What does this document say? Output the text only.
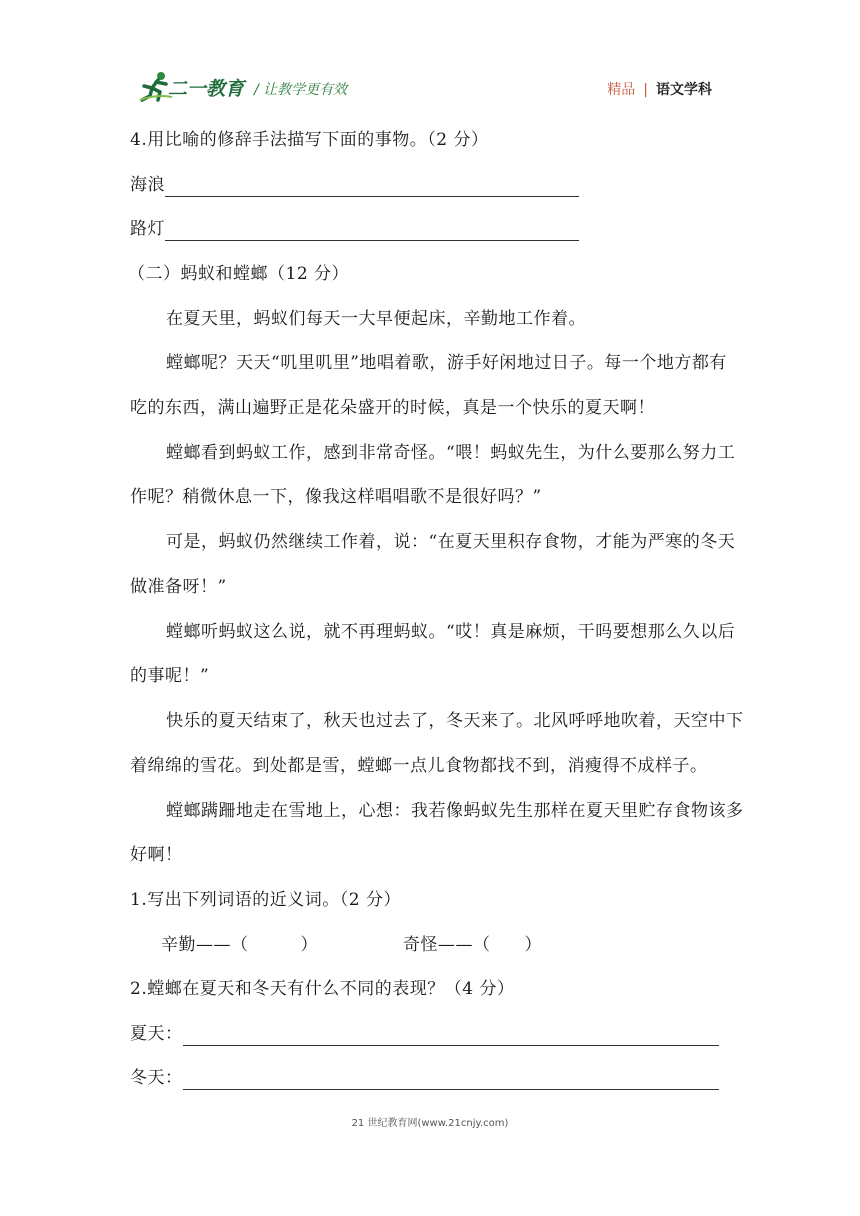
二一教育 / 让教学更有效	精品 | 语文学科
4.用比喻的修辞手法描写下面的事物。（2 分）
海浪
路灯
（二）蚂蚁和螳螂（12 分）
在夏天里，蚂蚁们每天一大早便起床，辛勤地工作着。
螳螂呢？天天“叽里叽里”地唱着歌，游手好闲地过日子。每一个地方都有
吃的东西，满山遍野正是花朵盛开的时候，真是一个快乐的夏天啊！
螳螂看到蚂蚁工作，感到非常奇怪。“喂！蚂蚁先生，为什么要那么努力工
作呢？稍微休息一下，像我这样唱唱歌不是很好吗？”
可是，蚂蚁仍然继续工作着，说：“在夏天里积存食物，才能为严寒的冬天
做准备呀！”
螳螂听蚂蚁这么说，就不再理蚂蚁。“哎！真是麻烦，干吗要想那么久以后
的事呢！”
快乐的夏天结束了，秋天也过去了，冬天来了。北风呼呼地吹着，天空中下
着绵绵的雪花。到处都是雪，螳螂一点儿食物都找不到，消瘦得不成样子。
螳螂蹒跚地走在雪地上，心想：我若像蚂蚁先生那样在夏天里贮存食物该多
好啊！
1.写出下列词语的近义词。（2 分）
辛勤——（	）	奇怪——（ ）
2.螳螂在夏天和冬天有什么不同的表现？（4 分）
夏天：
冬天：
21 世纪教育网(www.21cnjy.com)
